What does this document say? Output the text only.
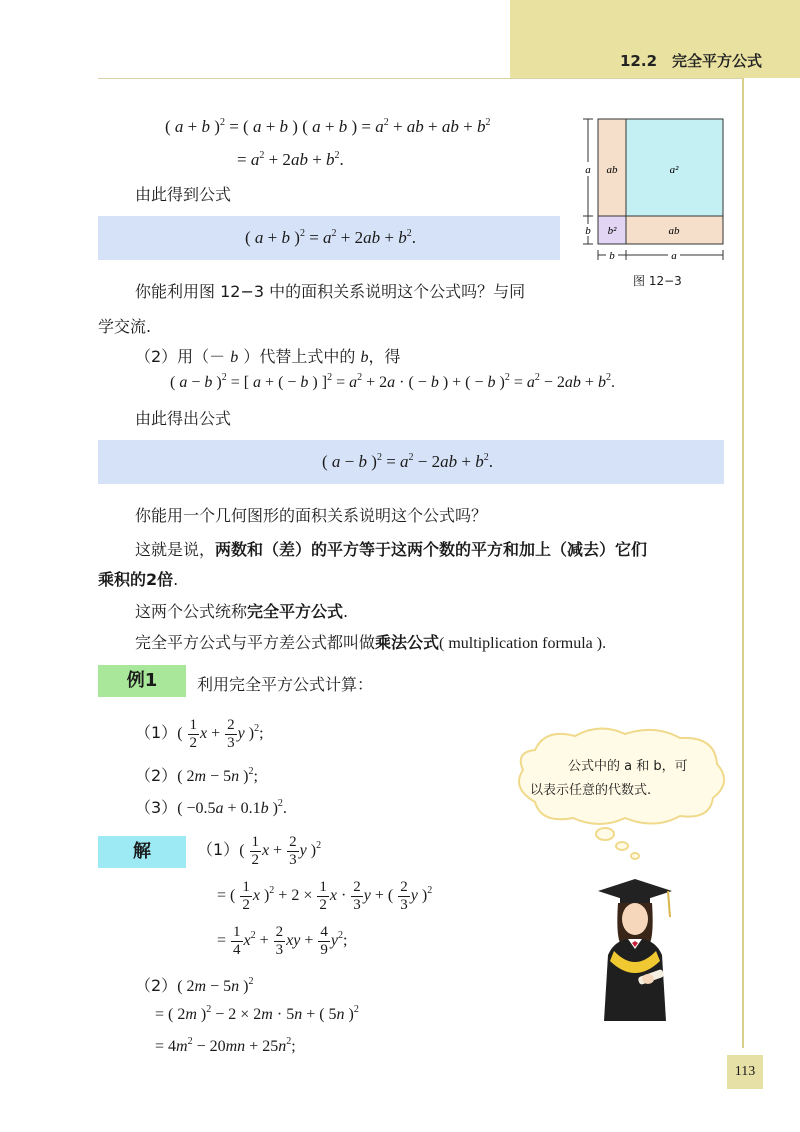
12.2　完全平方公式
( a + b )$^2$ = ( a + b ) ( a + b ) = $a^2$ + ab + ab + $b^2$
= $a^2 + 2ab + b^2$.
由此得到公式
( a + b )$^2 = a^2 + 2ab + b^2$.
ab	a²
b²	ab
a
b
b	a
图 12−3
你能利用图 12−3 中的面积关系说明这个公式吗？与同
学交流.
（2）用（－ b ）代替上式中的 b，得
( a − b )$^2$ = [ a + ( − b ) ]$^2 = a^2 + 2a$ · ( − b ) + ( − b )$^2 = a^2 - 2ab + b^2$.
由此得出公式
( a − b )$^2 = a^2 - 2ab + b^2$.
你能用一个几何图形的面积关系说明这个公式吗？
这就是说，两数和（差）的平方等于这两个数的平方和加上（减去）它们
乘积的2倍.
这两个公式统称完全平方公式.
完全平方公式与平方差公式都叫做乘法公式( multiplication formula ).
例1	利用完全平方公式计算：
$(1)( \frac{1}{2}$ $x + \frac{2}{3}$ y )$^2$;
（2）( 2m − 5n )$^2$;
（3）( −0.5a + 0.1b )$^2$.
公式中的 a 和 b，可
以表示任意的代数式.
解	$(1)( \frac{1}{2}$ $x + \frac{2}{3}$ y )$^2$
= ( $\frac{1}{2}$ x )$^2 + 2 \times \frac{1}{2}$ $x \cdot \frac{2}{3}$ y + ( $\frac{2}{3}$ y )$^2$
= $\frac{1}{4} x^2 + \frac{2}{3}$ xy + $\frac{4}{9} y^2$;
（2）( 2m − 5n )$^2$
= ( 2m )$^2$ − 2 × 2m · 5n + ( 5n )$^2$
= $4m^2 - 20mn + 25n^2$;
113
